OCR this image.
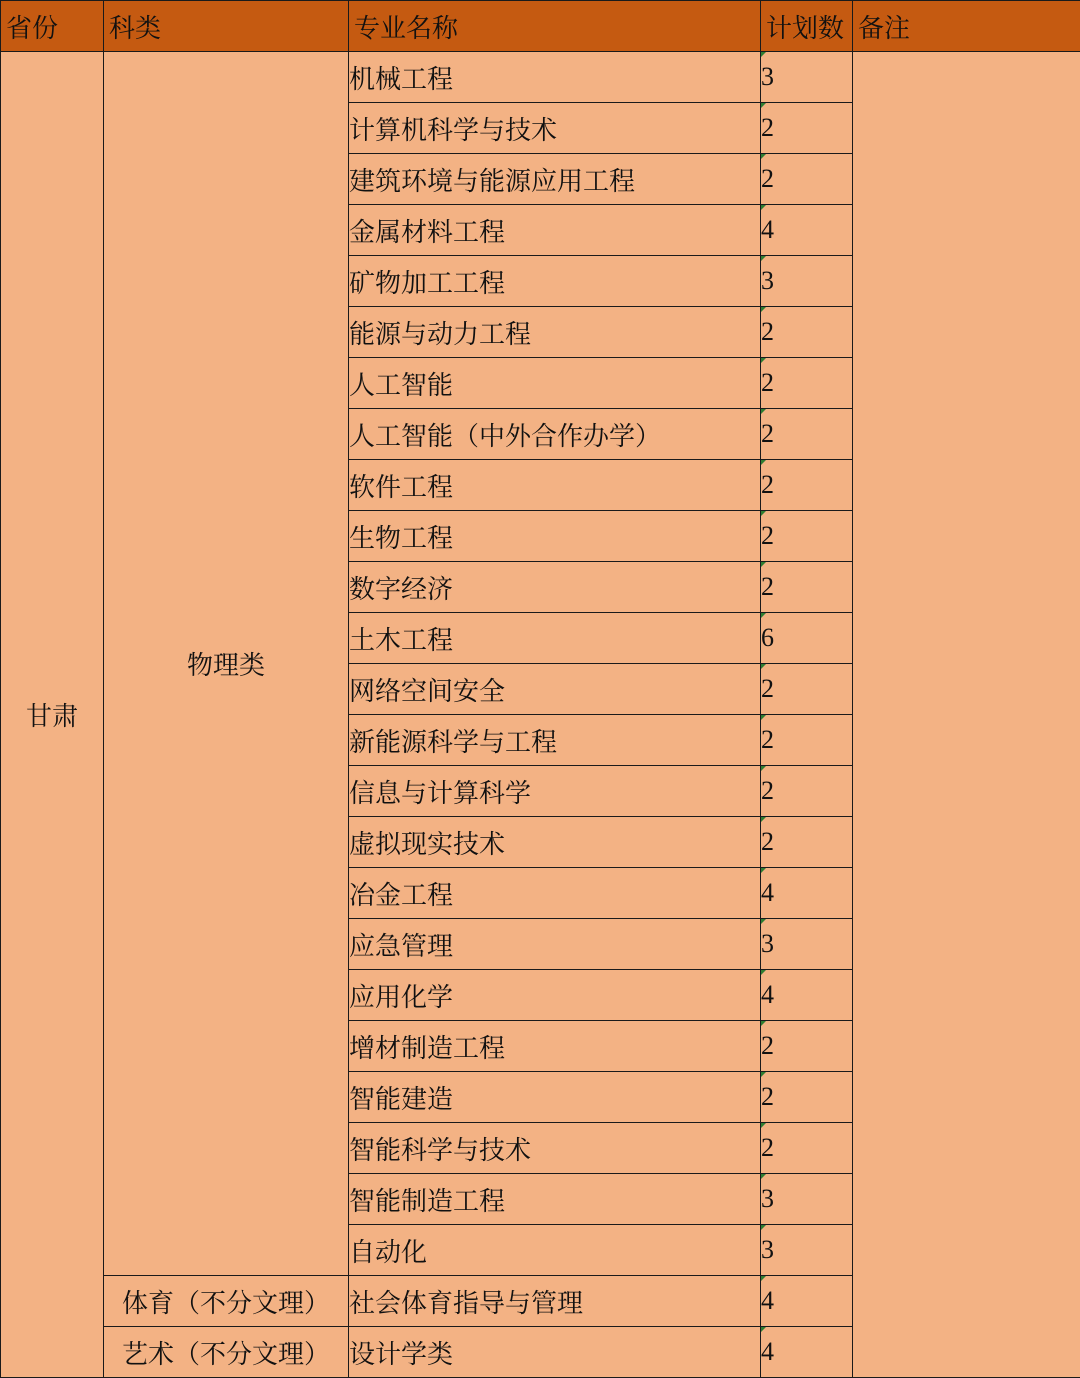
省份	科类	专业名称	计划数	备注
甘肃	物理类	机械工程	3	
		计算机科学与技术	2	
		建筑环境与能源应用工程	2	
		金属材料工程	4	
		矿物加工工程	3	
		能源与动力工程	2	
		人工智能	2	
		人工智能（中外合作办学）	2	
		软件工程	2	
		生物工程	2	
		数字经济	2	
		土木工程	6	
		网络空间安全	2	
		新能源科学与工程	2	
		信息与计算科学	2	
		虚拟现实技术	2	
		冶金工程	4	
		应急管理	3	
		应用化学	4	
		增材制造工程	2	
		智能建造	2	
		智能科学与技术	2	
		智能制造工程	3	
		自动化	3	
	体育（不分文理）	社会体育指导与管理	4	
	艺术（不分文理）	设计学类	4	
